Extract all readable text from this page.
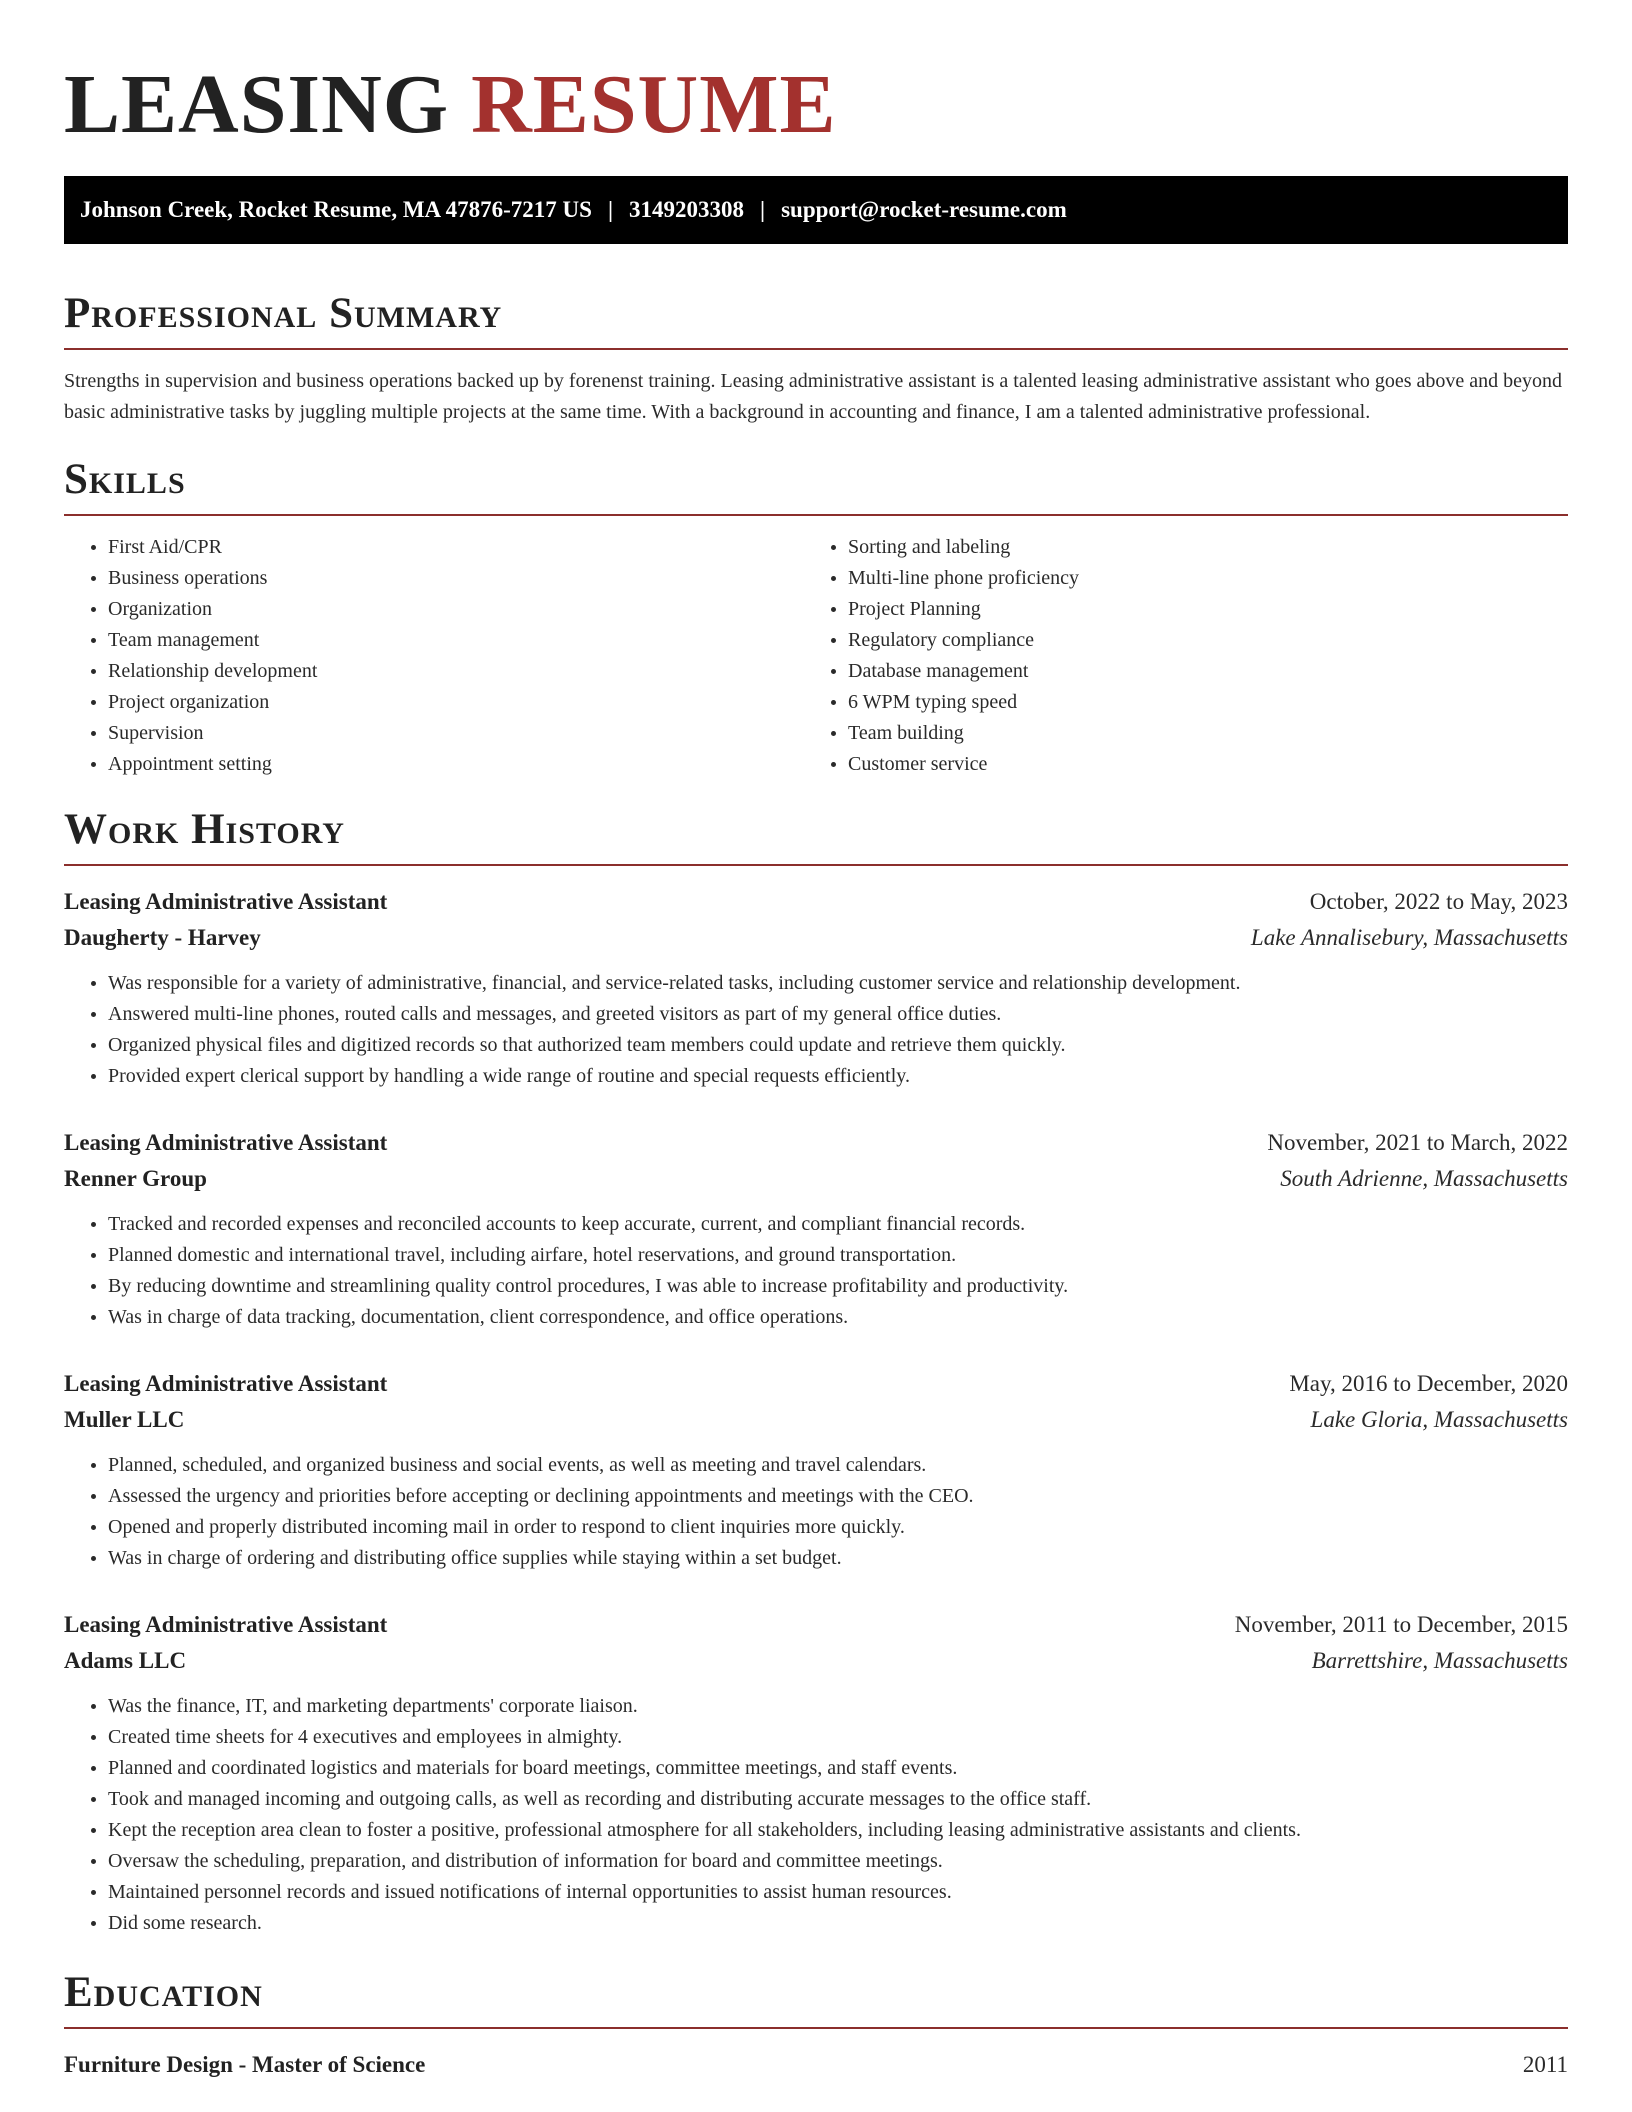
LEASING RESUME
Johnson Creek, Rocket Resume, MA 47876-7217 US | 3149203308 | support@rocket-resume.com
Professional Summary

Strengths in supervision and business operations backed up by forenenst training. Leasing administrative assistant is a talented leasing administrative assistant who goes above and beyond basic administrative tasks by juggling multiple projects at the same time. With a background in accounting and finance, I am a talented administrative professional.

Skills
• First Aid/CPR
• Business operations
• Organization
• Team management
• Relationship development
• Project organization
• Supervision
• Appointment setting
• Sorting and labeling
• Multi-line phone proficiency
• Project Planning
• Regulatory compliance
• Database management
• 6 WPM typing speed
• Team building
• Customer service
Work History
Leasing Administrative Assistant	October, 2022 to May, 2023
Daugherty - Harvey	Lake Annalisebury, Massachusetts
• Was responsible for a variety of administrative, financial, and service-related tasks, including customer service and relationship development.
• Answered multi-line phones, routed calls and messages, and greeted visitors as part of my general office duties.
• Organized physical files and digitized records so that authorized team members could update and retrieve them quickly.
• Provided expert clerical support by handling a wide range of routine and special requests efficiently.
Leasing Administrative Assistant	November, 2021 to March, 2022
Renner Group	South Adrienne, Massachusetts
• Tracked and recorded expenses and reconciled accounts to keep accurate, current, and compliant financial records.
• Planned domestic and international travel, including airfare, hotel reservations, and ground transportation.
• By reducing downtime and streamlining quality control procedures, I was able to increase profitability and productivity.
• Was in charge of data tracking, documentation, client correspondence, and office operations.
Leasing Administrative Assistant	May, 2016 to December, 2020
Muller LLC	Lake Gloria, Massachusetts
• Planned, scheduled, and organized business and social events, as well as meeting and travel calendars.
• Assessed the urgency and priorities before accepting or declining appointments and meetings with the CEO.
• Opened and properly distributed incoming mail in order to respond to client inquiries more quickly.
• Was in charge of ordering and distributing office supplies while staying within a set budget.
Leasing Administrative Assistant	November, 2011 to December, 2015
Adams LLC	Barrettshire, Massachusetts
• Was the finance, IT, and marketing departments' corporate liaison.
• Created time sheets for 4 executives and employees in almighty.
• Planned and coordinated logistics and materials for board meetings, committee meetings, and staff events.
• Took and managed incoming and outgoing calls, as well as recording and distributing accurate messages to the office staff.
• Kept the reception area clean to foster a positive, professional atmosphere for all stakeholders, including leasing administrative assistants and clients.
• Oversaw the scheduling, preparation, and distribution of information for board and committee meetings.
• Maintained personnel records and issued notifications of internal opportunities to assist human resources.
• Did some research.
Education
Furniture Design - Master of Science	2011
